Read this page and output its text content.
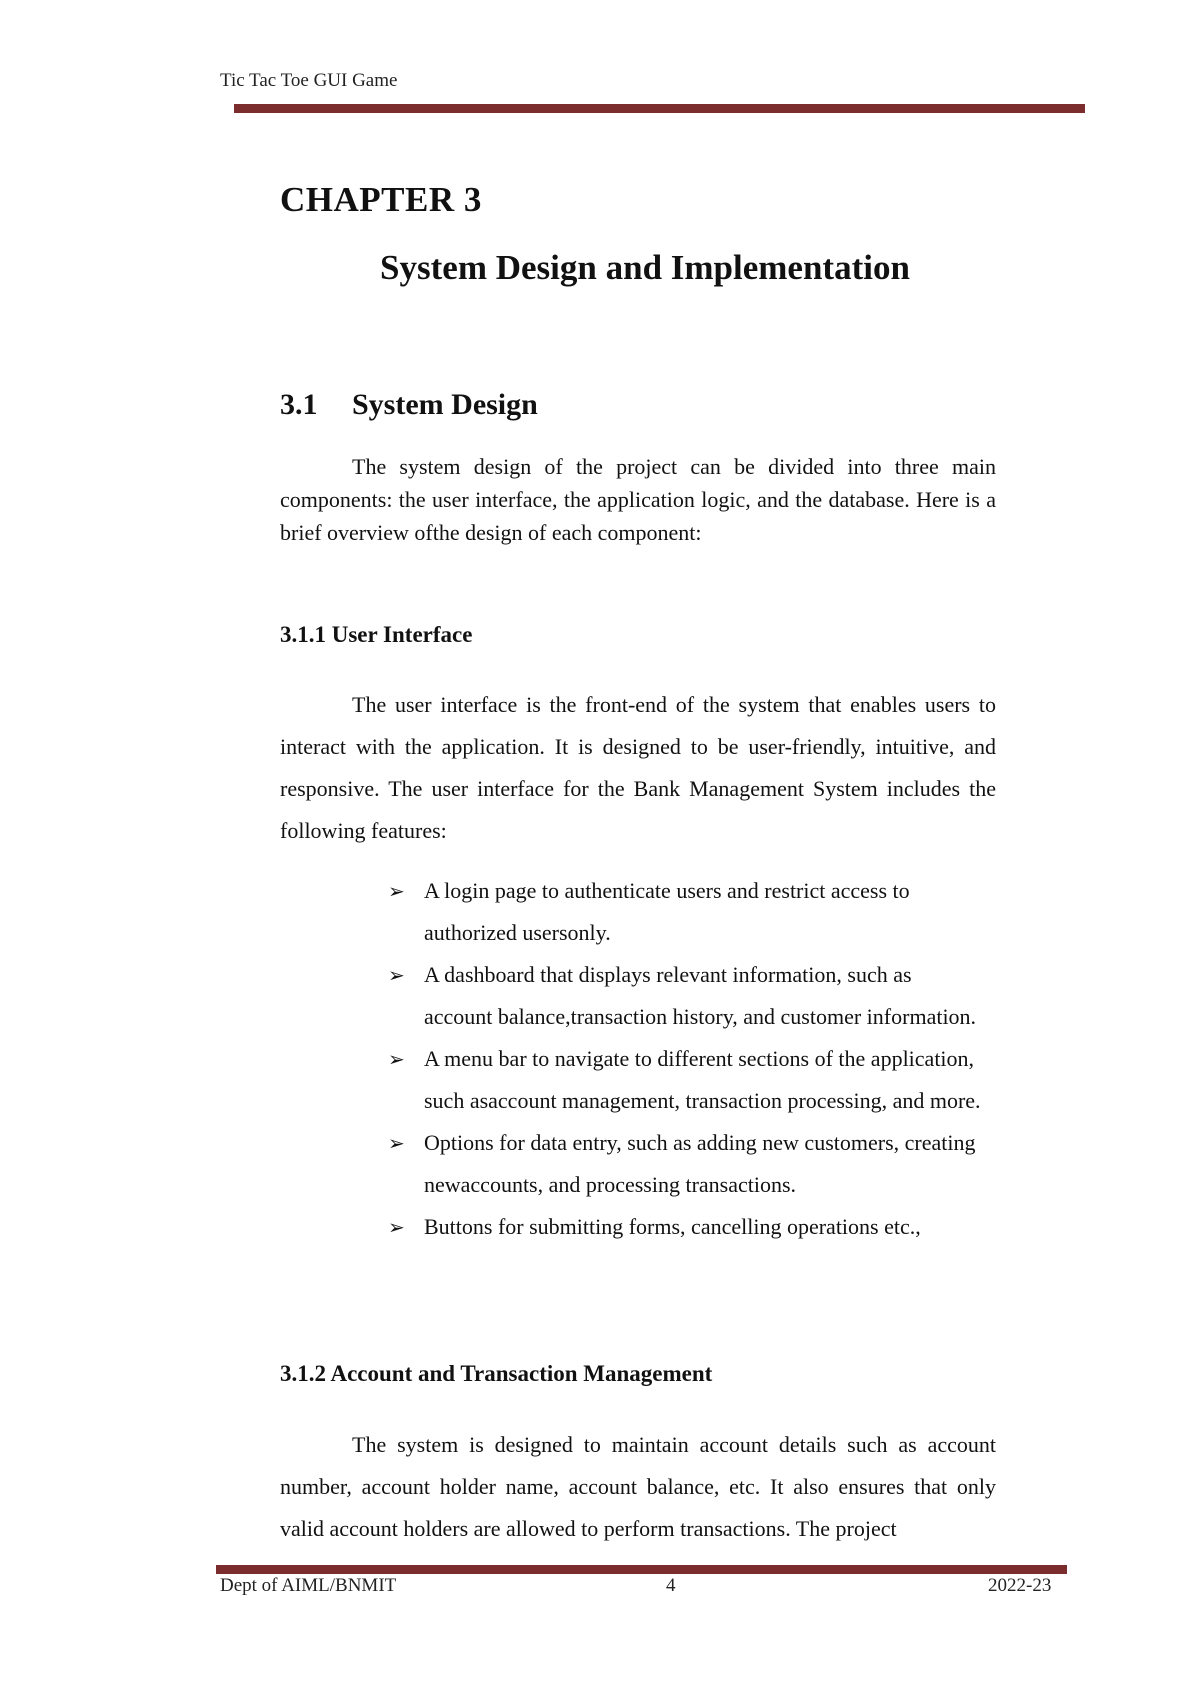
Tic Tac Toe GUI Game
CHAPTER 3
System Design and Implementation
3.1 System Design
The system design of the project can be divided into three main components: the user interface, the application logic, and the database. Here is a brief overview ofthe design of each component:
3.1.1 User Interface
The user interface is the front-end of the system that enables users to interact with the application. It is designed to be user-friendly, intuitive, and responsive. The user interface for the Bank Management System includes the following features:
➢ A login page to authenticate users and restrict access to authorized usersonly.
➢ A dashboard that displays relevant information, such as account balance,transaction history, and customer information.
➢ A menu bar to navigate to different sections of the application, such asaccount management, transaction processing, and more.
➢ Options for data entry, such as adding new customers, creating newaccounts, and processing transactions.
➢ Buttons for submitting forms, cancelling operations etc.,
3.1.2 Account and Transaction Management
The system is designed to maintain account details such as account number, account holder name, account balance, etc. It also ensures that only valid account holders are allowed to perform transactions. The project
Dept of AIML/BNMIT	4	2022-23
